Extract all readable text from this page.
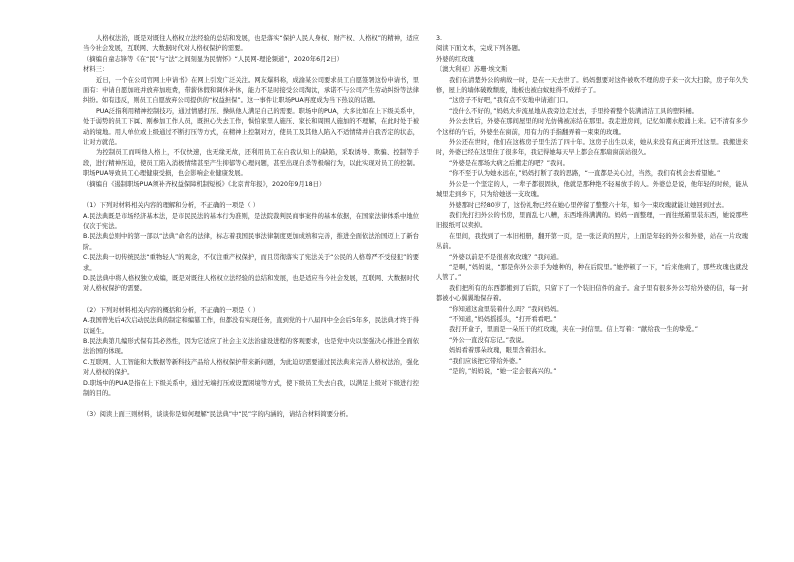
人格权法治，既是对既往人格权立法经验的总结和发展，也是落实“保护人民人身权、财产权、人格权”的精神，适应当今社会发展，互联网、大数据时代对人格权保护的需要。

（摘编自童志锋等《在“民”与“法”之间刻显为民情怀》“人民网-理论频道”，2020年6月2日）

材料三：

近日，一个在公司官网上申请书》在网上引发广泛关注。网友爆料称，成渝某公司要求员工自愿签署这份申请书，里面有：申请自愿加班并放弃加班费，带薪休假和调休补休，能力不足时接受公司淘汰，承诺不与公司产生劳动纠纷等法律纠纷。如有违反，则员工自愿放弃公司提供的“权益担保”。这一事件让职场PUA再度成为当下热议的话题。

PUA泛指利用精神控制技巧，通过情感打压、操纵他人满足自己的需要。职场中的PUA，大多比如在上下级关系中，处于弱势的员工下属、刚参加工作人员，既担心失去工作，惧怕家里人施压、家长和周围人施加的不理解，在此时处于被动的境地。用人单位或上级通过不断打压等方式，在精神上控制对方，使员工及其他人陷入不适情绪并自我否定的状态，让对方就范。

为控制员工而叫他人格上，不仅快速，也无缘无故，还利用员工在自我认知上的缺陷，采取诱导、欺骗、控制等手段，进行精神压迫，使员工陷入消极情绪甚至产生抑郁等心理问题，甚至出现自杀等极端行为，以此实现对员工的控制。职场PUA导致员工心理健康受损，也会影响企业健康发展。

（摘编自《遏制职场PUA须补齐权益保障机制短板》《北京青年报》，2020年9月18日）

（1）下列对材料相关内容的理解和分析，不正确的一项是（ ）

A.民法典既是市场经济基本法，是市民民法的基本行为准则，是法院裁判民商事案件的基本依据，在国家法律体系中地位仅次于宪法。

B.民法典总则中的第一部以“法典”命名的法律，标志着我国民事法律制度更加成熟和完善，推进全面依法治国迈上了新台阶。

C.民法典一切传统民法“重物轻人”的观念，不仅注重产权保护，而且贯彻落实了宪法关于“公民的人格尊严不受侵犯”的要求。

D.民法典中将人格权独立成编，既是对既往人格权立法经验的总结和发展，也是适应当今社会发展，互联网、大数据时代对人格权保护的需要。

（2）下列对材料相关内容的概括和分析，不正确的一项是（ ）

A.我国曾先后4次启动民法典的制定和编纂工作，但都没有实现任务，直到党的十八届四中全会后5年多，民法典才终于得以诞生。

B.民法典第几编形式保有其必然性，因为它适应了社会主义法治建设进程的客观要求，也是党中央以坚强决心推进全面依法治国的体现。

C.互联网、人工智能和大数据等新科技产品给人格权保护带来新问题，为此迫切需要通过民法典来完善人格权法治，强化对人格权的保护。

D.职场中的PUA是指在上下级关系中，通过无端打压或设置困境等方式，使下级员工失去自我，以满足上级对下级进行控制的目的。

（3）阅读上面三则材料，谈谈你是如何理解“民法典”中“民”字的内涵的，请结合材料简要分析。

3.

阅读下面文本，完成下列各题。

外婆的红玫瑰

〔澳大利亚〕苏珊·埃文斯

我们在清楚外公的病故一时，是在一天去世了。妈妈想要对这件被吹不理的房子来一次大扫除，房子年久失修，屋上的墙体破败颓废，地板也被白蚁蛀得不成样子了。

“这房子不好吧，”我有点不安地申请道门口。

“没什么不好的，”妈妈大步流星地从我旁边走过去，手里拎着整个装满清洁工具的塑料桶。

外公去世后，外婆在那间屋里的时光仿佛被冻结在那里。我走进房间，记忆如潮水般涌上来。记不清有多少个这样的午后，外婆坐在窗前，用有力的手指翻弄着一束束的玫瑰。

外公还在世时，他们在这栋房子里生活了四十年。这房子出生以来，她从来没有真正离开过这里。我搬进来时，外婆已经在这里住了很多年，我记得她每天早上都会在那扇窗前站很久。

“外婆是在那场大病之后搬走的吧？”我问。

“你不至于认为她永远在，”妈妈打断了我的思路，“一直都是关心过，当然，我们有机会去看望她。”

外公是一个坚定的人，一辈子都很固执，他就是那种绝不轻易放手的人。外婆总是说，他年轻的时候，能从城里走到乡下，只为给她送一支玫瑰。

外婆那时已经80岁了，这份礼物已经在她心里停留了整整六十年，如今一束玫瑰就能让她回到过去。

我们先打扫外公的书房，里面乱七八糟，东西堆得满满的。妈妈一面整理，一面往纸箱里装东西，她说那些旧报纸可以卖掉。

在里间，我找到了一本旧相册，翻开第一页，是一张泛黄的照片，上面是年轻的外公和外婆，站在一片玫瑰丛前。

“外婆以前是不是很喜欢玫瑰？”我问道。

“是啊，”妈妈说，“那是你外公亲手为她种的，种在后院里。”她停顿了一下，“后来他病了，那些玫瑰也就没人管了。”

我们把所有的东西都搬到了后院，只留下了一个装旧信件的盒子。盒子里有很多外公写给外婆的信，每一封都被小心翼翼地保存着。

“你知道这盒里装着什么吗？”我问妈妈。

“不知道，”妈妈摇摇头，“打开看看吧。”

我打开盒子，里面是一朵压干的红玫瑰，夹在一封信里。信上写着：“献给我一生的挚爱。”

“外公一直没有忘记。”我说。

妈妈看着那朵玫瑰，眼里含着泪水。

“我们应该把它带给外婆。”

“是的，”妈妈说，“她一定会很高兴的。”
